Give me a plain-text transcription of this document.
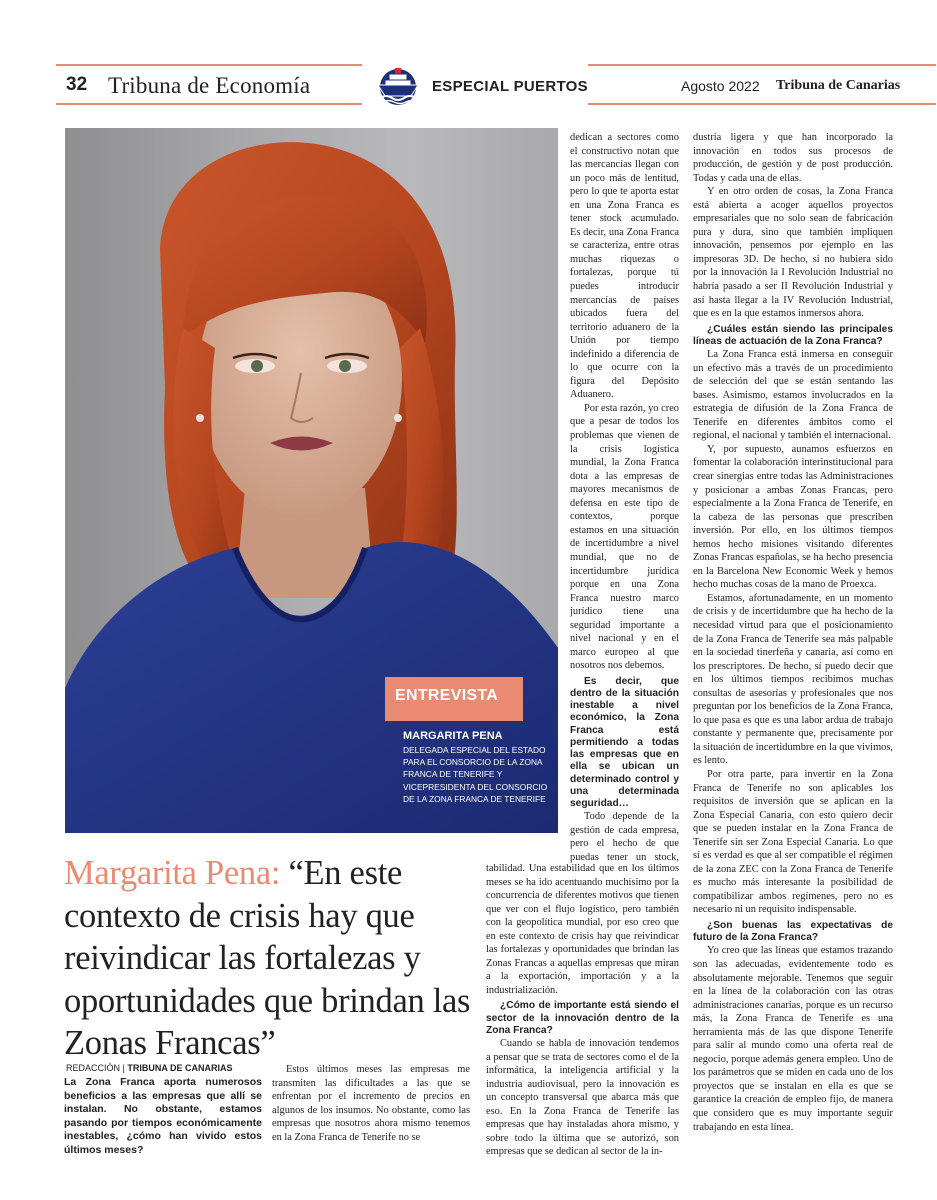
32 Tribuna de Economía	ESPECIAL PUERTOS	Agosto 2022 Tribuna de Canarias
ENTREVISTA
MARGARITA PENA
DELEGADA ESPECIAL DEL ESTADO PARA EL CONSORCIO DE LA ZONA FRANCA DE TENERIFE Y VICEPRESIDENTA DEL CONSORCIO DE LA ZONA FRANCA DE TENERIFE
Margarita Pena: “En este contexto de crisis hay que reivindicar las fortalezas y oportunidades que brindan las Zonas Francas”
REDACCIÓN | TRIBUNA DE CANARIAS
La Zona Franca aporta numerosos beneficios a las empresas que allí se instalan. No obstante, estamos pasando por tiempos económicamente inestables, ¿cómo han vivido estos últimos meses?

Estos últimos meses las empresas me transmiten las dificultades a las que se enfrentan por el incremento de precios en algunos de los insumos. No obstante, como las empresas que nosotros ahora mismo tenemos en la Zona Franca de Tenerife no se

dedican a sectores como el constructivo notan que las mercancías llegan con un poco más de lentitud, pero lo que te aporta estar en una Zona Franca es tener stock acumulado. Es decir, una Zona Franca se caracteriza, entre otras muchas riquezas o fortalezas, porque tú puedes introducir mercancías de países ubicados fuera del territorio aduanero de la Unión por tiempo indefinido a diferencia de lo que ocurre con la figura del Depósito Aduanero.

Por esta razón, yo creo que a pesar de todos los problemas que vienen de la crisis logística mundial, la Zona Franca dota a las empresas de mayores mecanismos de defensa en este tipo de contextos, porque estamos en una situación de incertidumbre a nivel mundial, que no de incertidumbre jurídica porque en una Zona Franca nuestro marco jurídico tiene una seguridad importante a nivel nacional y en el marco europeo al que nosotros nos debemos.

Es decir, que dentro de la situación inestable a nivel económico, la Zona Franca está permitiendo a todas las empresas que en ella se ubican un determinado control y una determinada seguridad…

Todo depende de la gestión de cada empresa, pero el hecho de que puedas tener un stock,

tabilidad. Una estabilidad que en los últimos meses se ha ido acentuando muchísimo por la concurrencia de diferentes motivos que tienen que ver con el flujo logístico, pero también con la geopolítica mundial, por eso creo que en este contexto de crisis hay que reivindicar las fortalezas y oportunidades que brindan las Zonas Francas a aquellas empresas que miran a la exportación, importación y a la industrialización.

¿Cómo de importante está siendo el sector de la innovación dentro de la Zona Franca?

Cuando se habla de innovación tendemos a pensar que se trata de sectores como el de la informática, la inteligencia artificial y la industria audiovisual, pero la innovación es un concepto transversal que abarca más que eso. En la Zona Franca de Tenerife las empresas que hay instaladas ahora mismo, y sobre todo la última que se autorizó, son empresas que se dedican al sector de la in-

dustria ligera y que han incorporado la innovación en todos sus procesos de producción, de gestión y de post producción. Todas y cada una de ellas.

Y en otro orden de cosas, la Zona Franca está abierta a acoger aquellos proyectos empresariales que no solo sean de fabricación pura y dura, sino que también impliquen innovación, pensemos por ejemplo en las impresoras 3D. De hecho, si no hubiera sido por la innovación la I Revolución Industrial no habría pasado a ser II Revolución Industrial y así hasta llegar a la IV Revolución Industrial, que es en la que estamos inmersos ahora.

¿Cuáles están siendo las principales líneas de actuación de la Zona Franca?

La Zona Franca está inmersa en conseguir un efectivo más a través de un procedimiento de selección del que se están sentando las bases. Asimismo, estamos involucrados en la estrategia de difusión de la Zona Franca de Tenerife en diferentes ámbitos como el regional, el nacional y también el internacional.

Y, por supuesto, aunamos esfuerzos en fomentar la colaboración interinstitucional para crear sinergias entre todas las Administraciones y posicionar a ambas Zonas Francas, pero especialmente a la Zona Franca de Tenerife, en la cabeza de las personas que prescriben inversión. Por ello, en los últimos tiempos hemos hecho misiones visitando diferentes Zonas Francas españolas, se ha hecho presencia en la Barcelona New Economic Week y hemos hecho muchas cosas de la mano de Proexca.

Estamos, afortunadamente, en un momento de crisis y de incertidumbre que ha hecho de la necesidad virtud para que el posicionamiento de la Zona Franca de Tenerife sea más palpable en la sociedad tinerfeña y canaria, así como en los prescriptores. De hecho, sí puedo decir que en los últimos tiempos recibimos muchas consultas de asesorías y profesionales que nos preguntan por los beneficios de la Zona Franca, lo que pasa es que es una labor ardua de trabajo constante y permanente que, precisamente por la situación de incertidumbre en la que vivimos, es lento.

Por otra parte, para invertir en la Zona Franca de Tenerife no son aplicables los requisitos de inversión que se aplican en la Zona Especial Canaria, con esto quiero decir que se pueden instalar en la Zona Franca de Tenerife sin ser Zona Especial Canaria. Lo que sí es verdad es que al ser compatible el régimen de la zona ZEC con la Zona Franca de Tenerife es mucho más interesante la posibilidad de compatibilizar ambos regímenes, pero no es necesario ni un requisito indispensable.

¿Son buenas las expectativas de futuro de la Zona Franca?

Yo creo que las líneas que estamos trazando son las adecuadas, evidentemente todo es absolutamente mejorable. Tenemos que seguir en la línea de la colaboración con las otras administraciones canarias, porque es un recurso más, la Zona Franca de Tenerife es una herramienta más de las que dispone Tenerife para salir al mundo como una oferta real de negocio, porque además genera empleo. Uno de los parámetros que se miden en cada uno de los proyectos que se instalan en ella es que se garantice la creación de empleo fijo, de manera que considero que es muy importante seguir trabajando en esta línea.
